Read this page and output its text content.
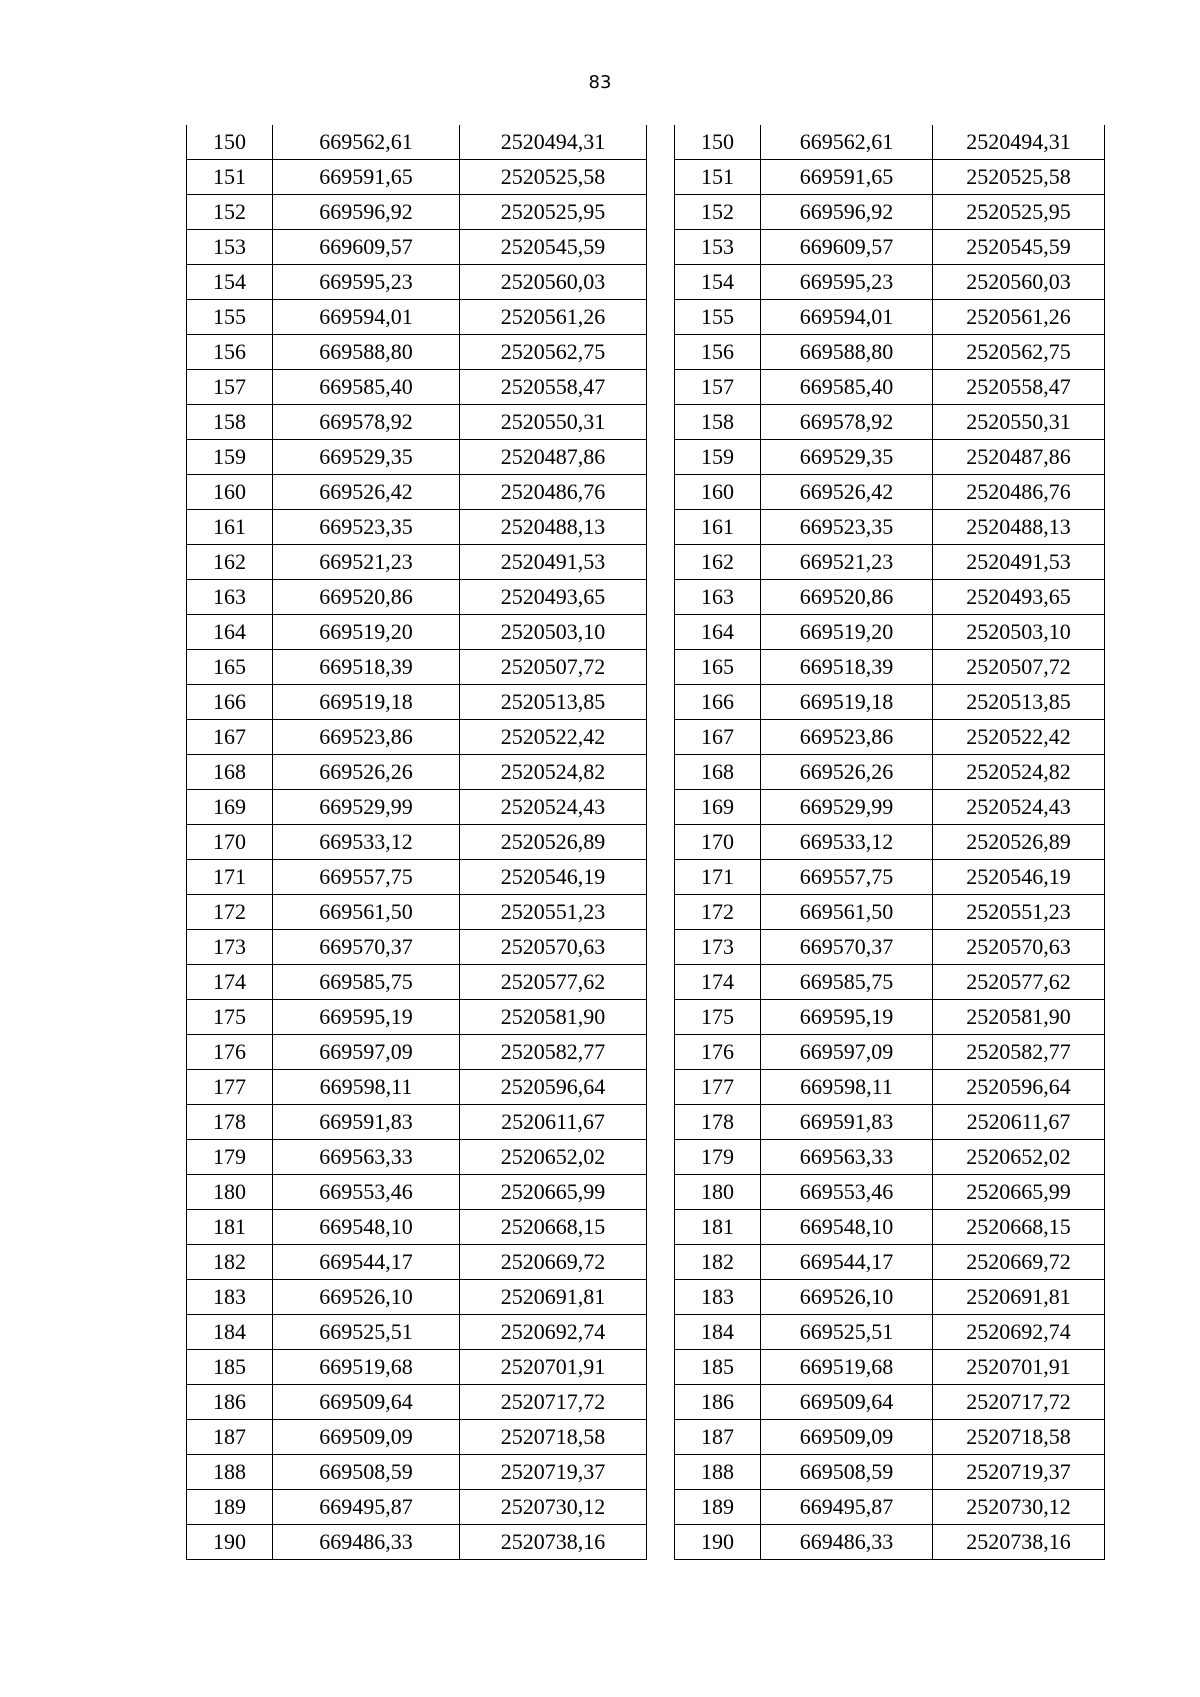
83
150	669562,61	2520494,31
151	669591,65	2520525,58
152	669596,92	2520525,95
153	669609,57	2520545,59
154	669595,23	2520560,03
155	669594,01	2520561,26
156	669588,80	2520562,75
157	669585,40	2520558,47
158	669578,92	2520550,31
159	669529,35	2520487,86
160	669526,42	2520486,76
161	669523,35	2520488,13
162	669521,23	2520491,53
163	669520,86	2520493,65
164	669519,20	2520503,10
165	669518,39	2520507,72
166	669519,18	2520513,85
167	669523,86	2520522,42
168	669526,26	2520524,82
169	669529,99	2520524,43
170	669533,12	2520526,89
171	669557,75	2520546,19
172	669561,50	2520551,23
173	669570,37	2520570,63
174	669585,75	2520577,62
175	669595,19	2520581,90
176	669597,09	2520582,77
177	669598,11	2520596,64
178	669591,83	2520611,67
179	669563,33	2520652,02
180	669553,46	2520665,99
181	669548,10	2520668,15
182	669544,17	2520669,72
183	669526,10	2520691,81
184	669525,51	2520692,74
185	669519,68	2520701,91
186	669509,64	2520717,72
187	669509,09	2520718,58
188	669508,59	2520719,37
189	669495,87	2520730,12
190	669486,33	2520738,16
150	669562,61	2520494,31
151	669591,65	2520525,58
152	669596,92	2520525,95
153	669609,57	2520545,59
154	669595,23	2520560,03
155	669594,01	2520561,26
156	669588,80	2520562,75
157	669585,40	2520558,47
158	669578,92	2520550,31
159	669529,35	2520487,86
160	669526,42	2520486,76
161	669523,35	2520488,13
162	669521,23	2520491,53
163	669520,86	2520493,65
164	669519,20	2520503,10
165	669518,39	2520507,72
166	669519,18	2520513,85
167	669523,86	2520522,42
168	669526,26	2520524,82
169	669529,99	2520524,43
170	669533,12	2520526,89
171	669557,75	2520546,19
172	669561,50	2520551,23
173	669570,37	2520570,63
174	669585,75	2520577,62
175	669595,19	2520581,90
176	669597,09	2520582,77
177	669598,11	2520596,64
178	669591,83	2520611,67
179	669563,33	2520652,02
180	669553,46	2520665,99
181	669548,10	2520668,15
182	669544,17	2520669,72
183	669526,10	2520691,81
184	669525,51	2520692,74
185	669519,68	2520701,91
186	669509,64	2520717,72
187	669509,09	2520718,58
188	669508,59	2520719,37
189	669495,87	2520730,12
190	669486,33	2520738,16
